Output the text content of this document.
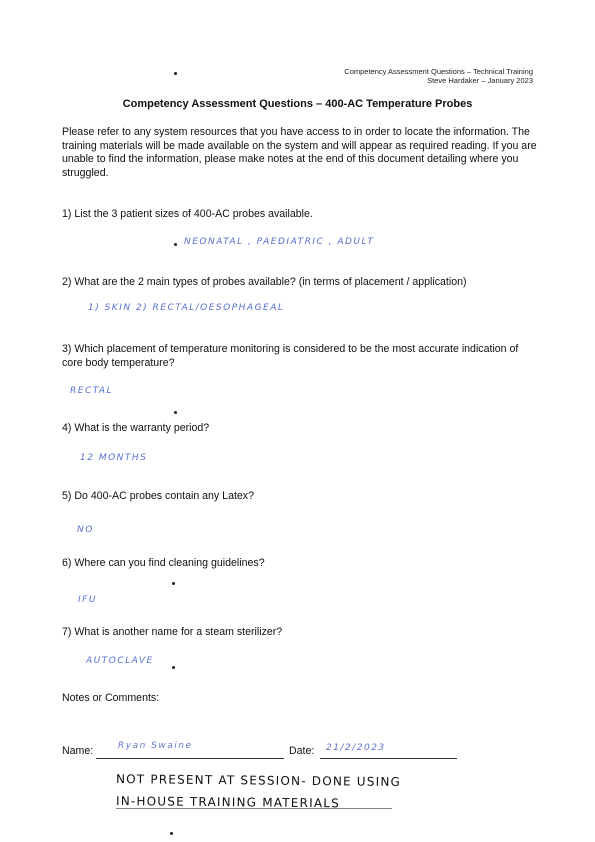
Competency Assessment Questions – Technical Training
Steve Hardaker – January 2023
Competency Assessment Questions – 400-AC Temperature Probes
Please refer to any system resources that you have access to in order to locate the information. The training materials will be made available on the system and will appear as required reading. If you are unable to find the information, please make notes at the end of this document detailing where you struggled.
1) List the 3 patient sizes of 400-AC probes available.
NEONATAL , PAEDIATRIC , ADULT
2) What are the 2 main types of probes available? (in terms of placement / application)
1) SKIN 2) RECTAL/OESOPHAGEAL
3) Which placement of temperature monitoring is considered to be the most accurate indication of core body temperature?
RECTAL
4) What is the warranty period?
12 MONTHS
5) Do 400-AC probes contain any Latex?
NO
6) Where can you find cleaning guidelines?
IFU
7) What is another name for a steam sterilizer?
AUTOCLAVE
Notes or Comments:
Name:	Ryan Swaine	Date:	21/2/2023
NOT PRESENT AT SESSION- DONE USING
IN-HOUSE TRAINING MATERIALS
